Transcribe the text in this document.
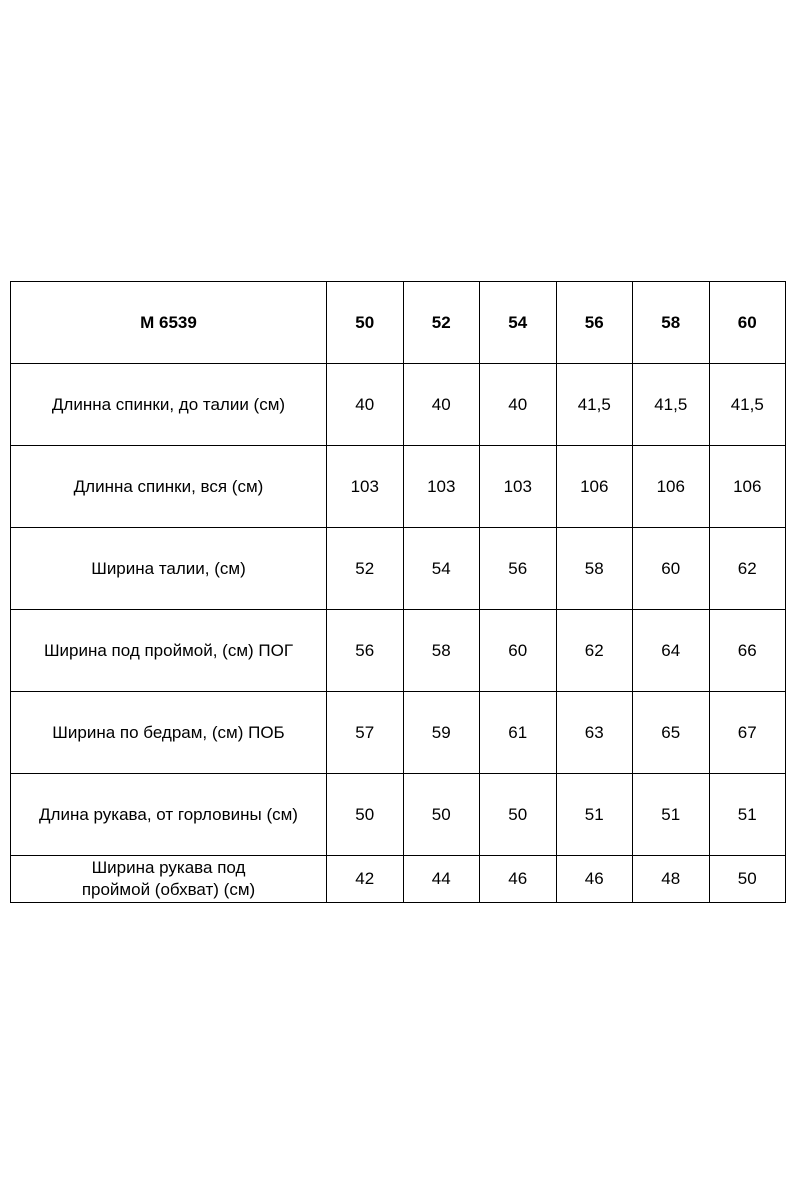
М 6539	50	52	54	56	58	60
Длинна спинки, до талии (см)	40	40	40	41,5	41,5	41,5
Длинна спинки, вся (см)	103	103	103	106	106	106
Ширина талии, (см)	52	54	56	58	60	62
Ширина под проймой, (см) ПОГ	56	58	60	62	64	66
Ширина по бедрам, (см) ПОБ	57	59	61	63	65	67
Длина рукава, от горловины (см)	50	50	50	51	51	51
Ширина рукава под проймой (обхват) (см)	42	44	46	46	48	50
